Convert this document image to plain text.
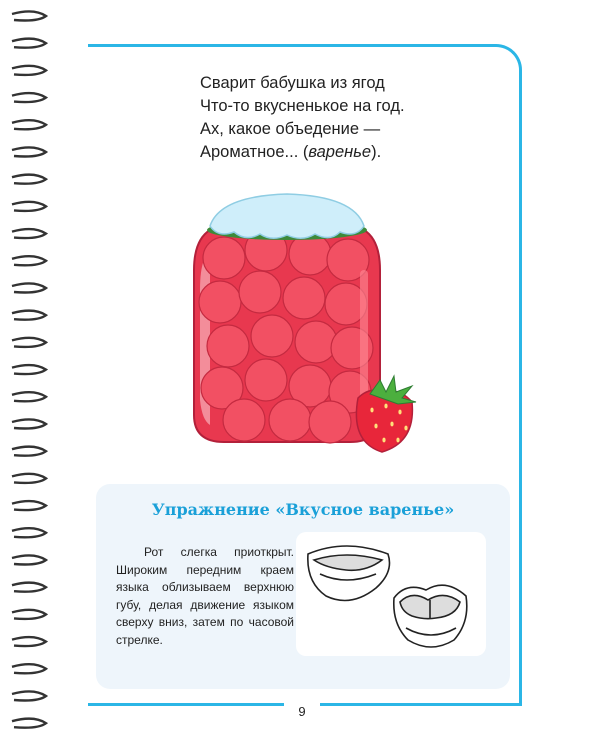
Сварит бабушка из ягод
Что-то вкусненькое на год.
Ах, какое объедение —
Ароматное... (варенье).
Упражнение «Вкусное варенье»
Рот слегка приоткрыт. Широким передним краем языка облизываем верхнюю губу, делая движение языком сверху вниз, затем по часовой стрелке.
9
